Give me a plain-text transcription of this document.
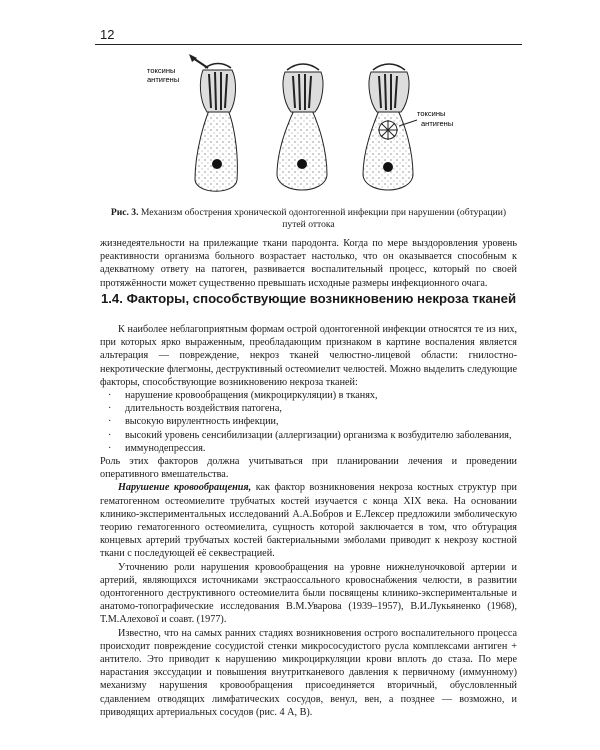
12
токсины
антигены
токсины
антигены
Рис. 3. Механизм обострения хронической одонтогенной инфекции при нарушении (обтурации) путей оттока

жизнедеятельности на прилежащие ткани пародонта. Когда по мере выздоровления уровень реактивности организма больного возрастает настолько, что он оказывается способным к адекватному ответу на патоген, развивается воспалительный процесс, который по своей протяжённости может существенно превышать исходные размеры инфекционного очага.

1.4. Факторы, способствующие возникновению некроза тканей

К наиболее неблагоприятным формам острой одонтогенной инфекции относятся те из них, при которых ярко выраженным, преобладающим признаком в картине воспаления является альтерация — повреждение, некроз тканей челюстно-лицевой области: гнилостно-некротические флегмоны, деструктивный остеомиелит челюстей. Можно выделить следующие факторы, способствующие возникновению некроза тканей:

· нарушение кровообращения (микроциркуляции) в тканях,
· длительность воздействия патогена,
· высокую вирулентность инфекции,
· высокий уровень сенсибилизации (аллергизации) организма к возбудителю заболевания,
· иммунодепрессия.

Роль этих факторов должна учитываться при планировании лечения и проведении оперативного вмешательства.

Нарушение кровообращения, как фактор возникновения некроза костных структур при гематогенном остеомиелите трубчатых костей изучается с конца XIX века. На основании клинико-экспериментальных исследований А.А.Бобров и Е.Лексер предложили эмболическую теорию гематогенного остеомиелита, сущность которой заключается в том, что обтурация концевых артерий трубчатых костей бактериальными эмболами приводит к некрозу костной ткани с последующей её секвестрацией.

Уточнению роли нарушения кровообращения на уровне нижнелуночковой артерии и артерий, являющихся источниками экстраоссального кровоснабжения челюсти, в развитии одонтогенного деструктивного остеомиелита были посвящены клинико-экспериментальные и анатомо-топографические исследования В.М.Уварова (1939–1957), В.И.Лукьяненко (1968), Т.М.Алехової и соавт. (1977).

Известно, что на самых ранних стадиях возникновения острого воспалительного процесса происходит повреждение сосудистой стенки микрососудистого русла комплексами антиген + антитело. Это приводит к нарушению микроциркуляции крови вплоть до стаза. По мере нарастания экссудации и повышения внутритканевого давления к первичному (иммунному) механизму нарушения кровообращения присоединяется вторичный, обусловленный сдавлением отводящих лимфатических сосудов, венул, вен, а позднее — возможно, и приводящих артериальных сосудов (рис. 4 А, В).
